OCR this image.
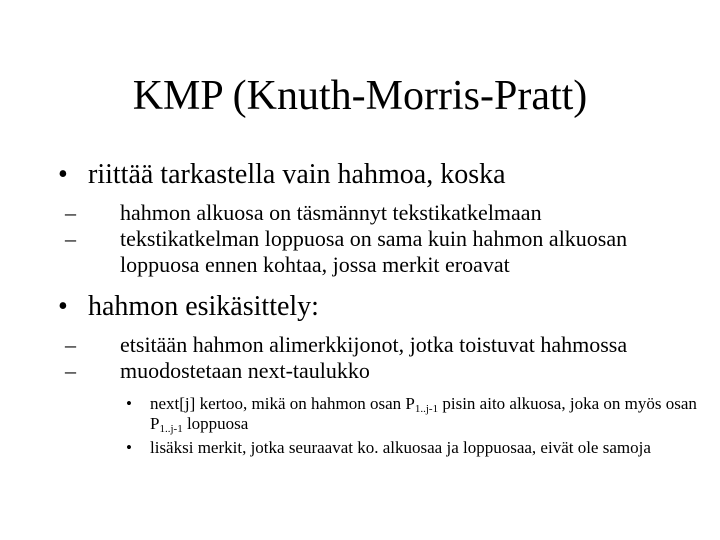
KMP (Knuth-Morris-Pratt)
• riittää tarkastella vain hahmoa, koska
– hahmon alkuosa on täsmännyt tekstikatkelmaan
– tekstikatkelman loppuosa on sama kuin hahmon alkuosan loppuosa ennen kohtaa, jossa merkit eroavat
• hahmon esikäsittely:
– etsitään hahmon alimerkkijonot, jotka toistuvat hahmossa
– muodostetaan next-taulukko
• next[j] kertoo, mikä on hahmon osan $P_{1..j-1}$ pisin aito alkuosa, joka on myös osan $P_{1..j-1}$ loppuosa
• lisäksi merkit, jotka seuraavat ko. alkuosaa ja loppuosaa, eivät ole samoja
